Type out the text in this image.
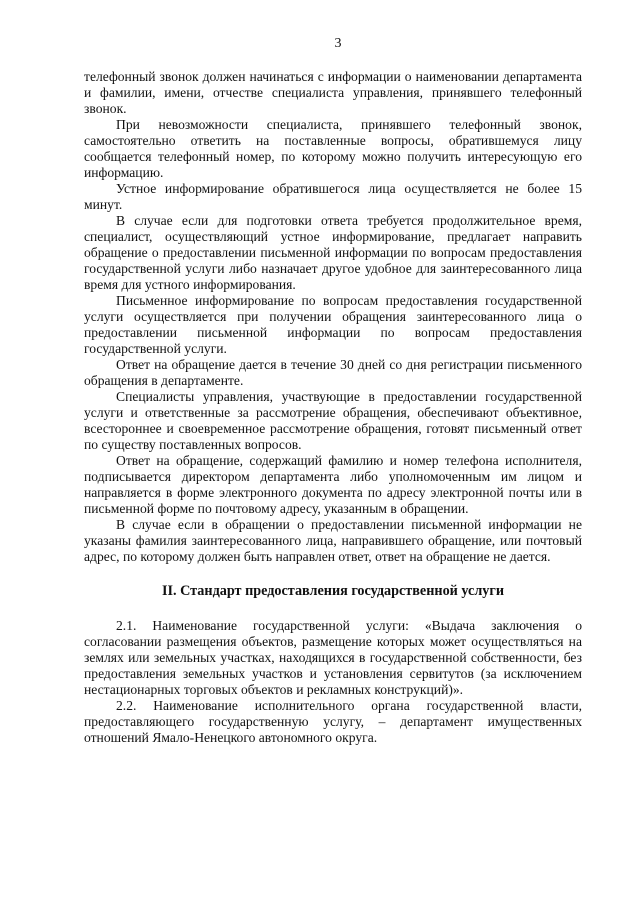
3

телефонный звонок должен начинаться с информации о наименовании департамента и фамилии, имени, отчестве специалиста управления, принявшего телефонный звонок.

При невозможности специалиста, принявшего телефонный звонок, самостоятельно ответить на поставленные вопросы, обратившемуся лицу сообщается телефонный номер, по которому можно получить интересующую его информацию.

Устное информирование обратившегося лица осуществляется не более 15 минут.

В случае если для подготовки ответа требуется продолжительное время, специалист, осуществляющий устное информирование, предлагает направить обращение о предоставлении письменной информации по вопросам предоставления государственной услуги либо назначает другое удобное для заинтересованного лица время для устного информирования.

Письменное информирование по вопросам предоставления государственной услуги осуществляется при получении обращения заинтересованного лица о предоставлении письменной информации по вопросам предоставления государственной услуги.

Ответ на обращение дается в течение 30 дней со дня регистрации письменного обращения в департаменте.

Специалисты управления, участвующие в предоставлении государственной услуги и ответственные за рассмотрение обращения, обеспечивают объективное, всестороннее и своевременное рассмотрение обращения, готовят письменный ответ по существу поставленных вопросов.

Ответ на обращение, содержащий фамилию и номер телефона исполнителя, подписывается директором департамента либо уполномоченным им лицом и направляется в форме электронного документа по адресу электронной почты или в письменной форме по почтовому адресу, указанным в обращении.

В случае если в обращении о предоставлении письменной информации не указаны фамилия заинтересованного лица, направившего обращение, или почтовый адрес, по которому должен быть направлен ответ, ответ на обращение не дается.

II. Стандарт предоставления государственной услуги

2.1. Наименование государственной услуги: «Выдача заключения о согласовании размещения объектов, размещение которых может осуществляться на землях или земельных участках, находящихся в государственной собственности, без предоставления земельных участков и установления сервитутов (за исключением нестационарных торговых объектов и рекламных конструкций)».

2.2. Наименование исполнительного органа государственной власти, предоставляющего государственную услугу, – департамент имущественных отношений Ямало-Ненецкого автономного округа.
